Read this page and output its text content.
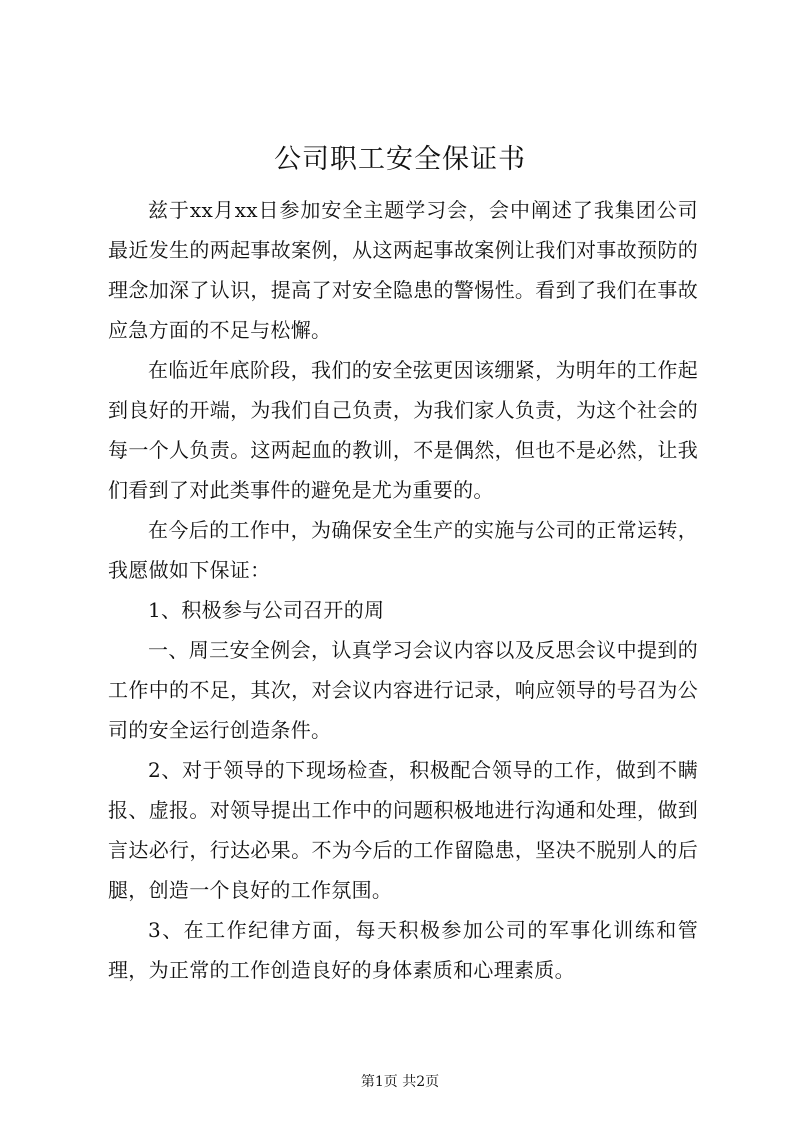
公司职工安全保证书

兹于xx月xx日参加安全主题学习会，会中阐述了我集团公司最近发生的两起事故案例，从这两起事故案例让我们对事故预防的理念加深了认识，提高了对安全隐患的警惕性。看到了我们在事故应急方面的不足与松懈。

在临近年底阶段，我们的安全弦更因该绷紧，为明年的工作起到良好的开端，为我们自己负责，为我们家人负责，为这个社会的每一个人负责。这两起血的教训，不是偶然，但也不是必然，让我们看到了对此类事件的避免是尤为重要的。

在今后的工作中，为确保安全生产的实施与公司的正常运转，我愿做如下保证：

1、积极参与公司召开的周

一、周三安全例会，认真学习会议内容以及反思会议中提到的工作中的不足，其次，对会议内容进行记录，响应领导的号召为公司的安全运行创造条件。

2、对于领导的下现场检查，积极配合领导的工作，做到不瞒报、虚报。对领导提出工作中的问题积极地进行沟通和处理，做到言达必行，行达必果。不为今后的工作留隐患，坚决不脱别人的后腿，创造一个良好的工作氛围。

3、在工作纪律方面，每天积极参加公司的军事化训练和管理，为正常的工作创造良好的身体素质和心理素质。

第1页 共2页
